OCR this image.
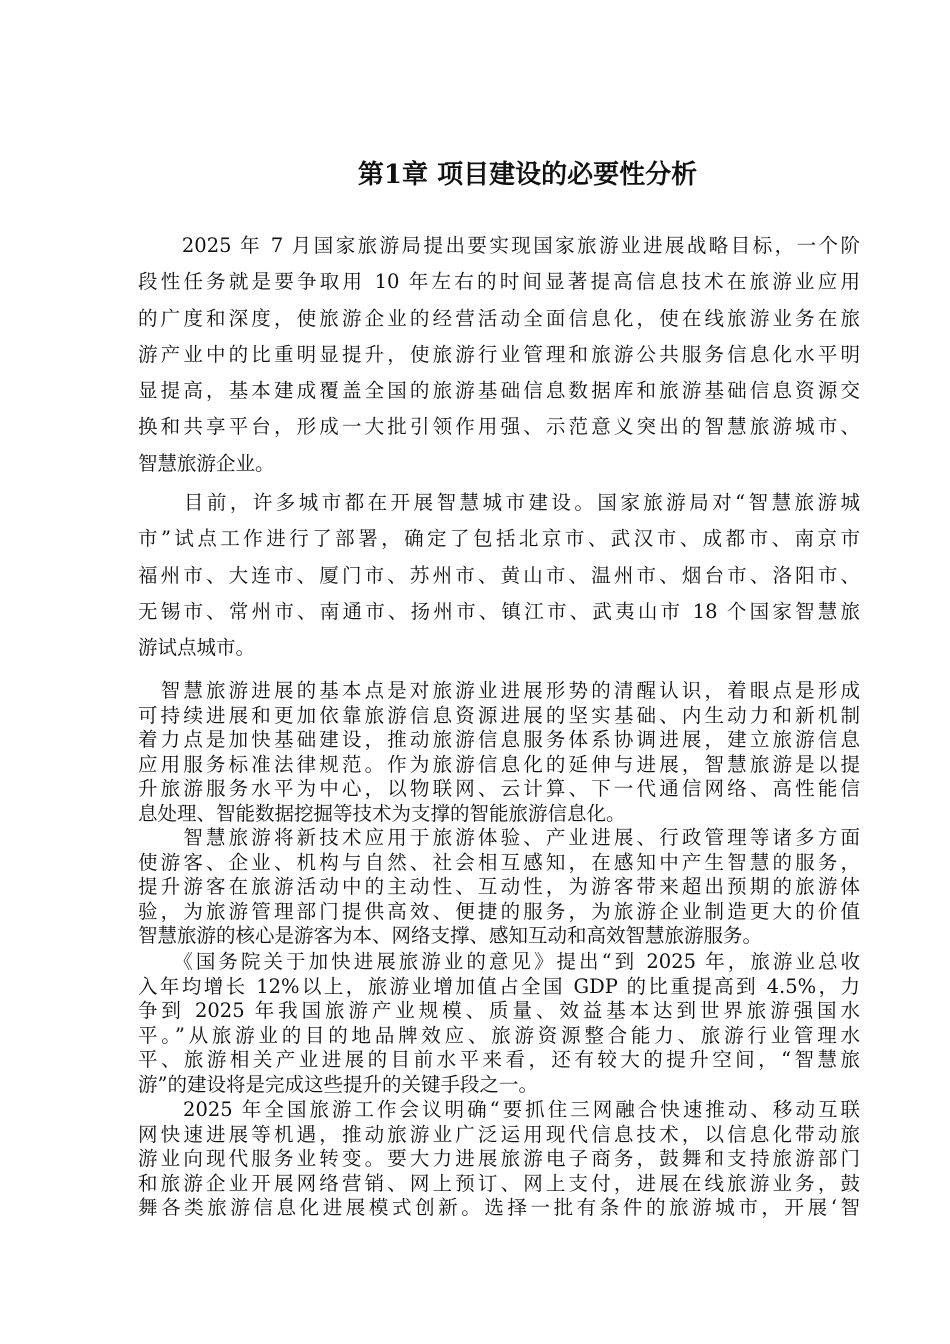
第1章 项目建设的必要性分析
　　2025 年 7 月国家旅游局提出要实现国家旅游业进展战略目标，一个阶
段性任务就是要争取用 10 年左右的时间显著提高信息技术在旅游业应用
的广度和深度，使旅游企业的经营活动全面信息化，使在线旅游业务在旅
游产业中的比重明显提升，使旅游行业管理和旅游公共服务信息化水平明
显提高，基本建成覆盖全国的旅游基础信息数据库和旅游基础信息资源交
换和共享平台，形成一大批引领作用强、示范意义突出的智慧旅游城市、
智慧旅游企业。
　　目前，许多城市都在开展智慧城市建设。国家旅游局对“智慧旅游城
市”试点工作进行了部署，确定了包括北京市、武汉市、成都市、南京市
福州市、大连市、厦门市、苏州市、黄山市、温州市、烟台市、洛阳市、
无锡市、常州市、南通市、扬州市、镇江市、武夷山市 18 个国家智慧旅
游试点城市。
　智慧旅游进展的基本点是对旅游业进展形势的清醒认识，着眼点是形成
可持续进展和更加依靠旅游信息资源进展的坚实基础、内生动力和新机制
着力点是加快基础建设，推动旅游信息服务体系协调进展，建立旅游信息
应用服务标准法律规范。作为旅游信息化的延伸与进展，智慧旅游是以提
升旅游服务水平为中心，以物联网、云计算、下一代通信网络、高性能信
息处理、智能数据挖掘等技术为支撑的智能旅游信息化。
　　智慧旅游将新技术应用于旅游体验、产业进展、行政管理等诸多方面
使游客、企业、机构与自然、社会相互感知，在感知中产生智慧的服务，
提升游客在旅游活动中的主动性、互动性，为游客带来超出预期的旅游体
验，为旅游管理部门提供高效、便捷的服务，为旅游企业制造更大的价值
智慧旅游的核心是游客为本、网络支撑、感知互动和高效智慧旅游服务。
　　《国务院关于加快进展旅游业的意见》提出“到 2025 年，旅游业总收
入年均增长 12%以上，旅游业增加值占全国 GDP 的比重提高到 4.5%，力
争到 2025 年我国旅游产业规模、质量、效益基本达到世界旅游强国水
平。”从旅游业的目的地品牌效应、旅游资源整合能力、旅游行业管理水
平、旅游相关产业进展的目前水平来看，还有较大的提升空间，“智慧旅
游”的建设将是完成这些提升的关键手段之一。
　　2025 年全国旅游工作会议明确“要抓住三网融合快速推动、移动互联
网快速进展等机遇，推动旅游业广泛运用现代信息技术，以信息化带动旅
游业向现代服务业转变。要大力进展旅游电子商务，鼓舞和支持旅游部门
和旅游企业开展网络营销、网上预订、网上支付，进展在线旅游业务，鼓
舞各类旅游信息化进展模式创新。选择一批有条件的旅游城市，开展‘智
